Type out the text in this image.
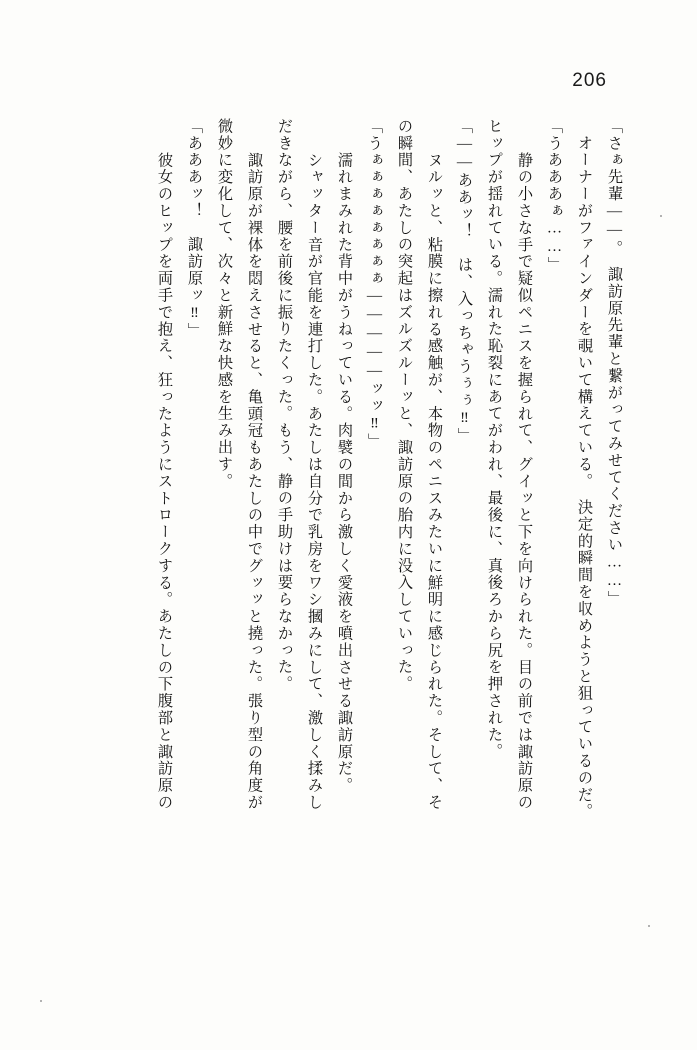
206
「さぁ先輩――。　諏訪原先輩と繋がってみせてください……」
　オーナーがファインダーを覗いて構えている。　決定的瞬間を収めようと狙っているのだ。
「うあああぁ……」
　静の小さな手で疑似ペニスを握られて、グイッと下を向けられた。目の前では諏訪原の
ヒップが揺れている。濡れた恥裂にあてがわれ、最後に、真後ろから尻を押された。
「――ああッ！　は、入っちゃうぅぅ‼」
　ヌルッと、粘膜に擦れる感触が、本物のペニスみたいに鮮明に感じられた。そして、そ
の瞬間、あたしの突起はズルズルーッと、諏訪原の胎内に没入していった。
「うぁぁぁぁぁぁぁぁ―――――ッッ‼」
　濡れまみれた背中がうねっている。肉襞の間から激しく愛液を噴出させる諏訪原だ。
　シャッター音が官能を連打した。あたしは自分で乳房をワシ摑みにして、激しく揉みし
だきながら、腰を前後に振りたくった。もう、静の手助けは要らなかった。
　諏訪原が裸体を悶えさせると、亀頭冠もあたしの中でグッッと撓った。張り型の角度が
微妙に変化して、次々と新鮮な快感を生み出す。
「あああッ！　諏訪原ッ‼」
　彼女のヒップを両手で抱え、狂ったようにストロークする。あたしの下腹部と諏訪原の
